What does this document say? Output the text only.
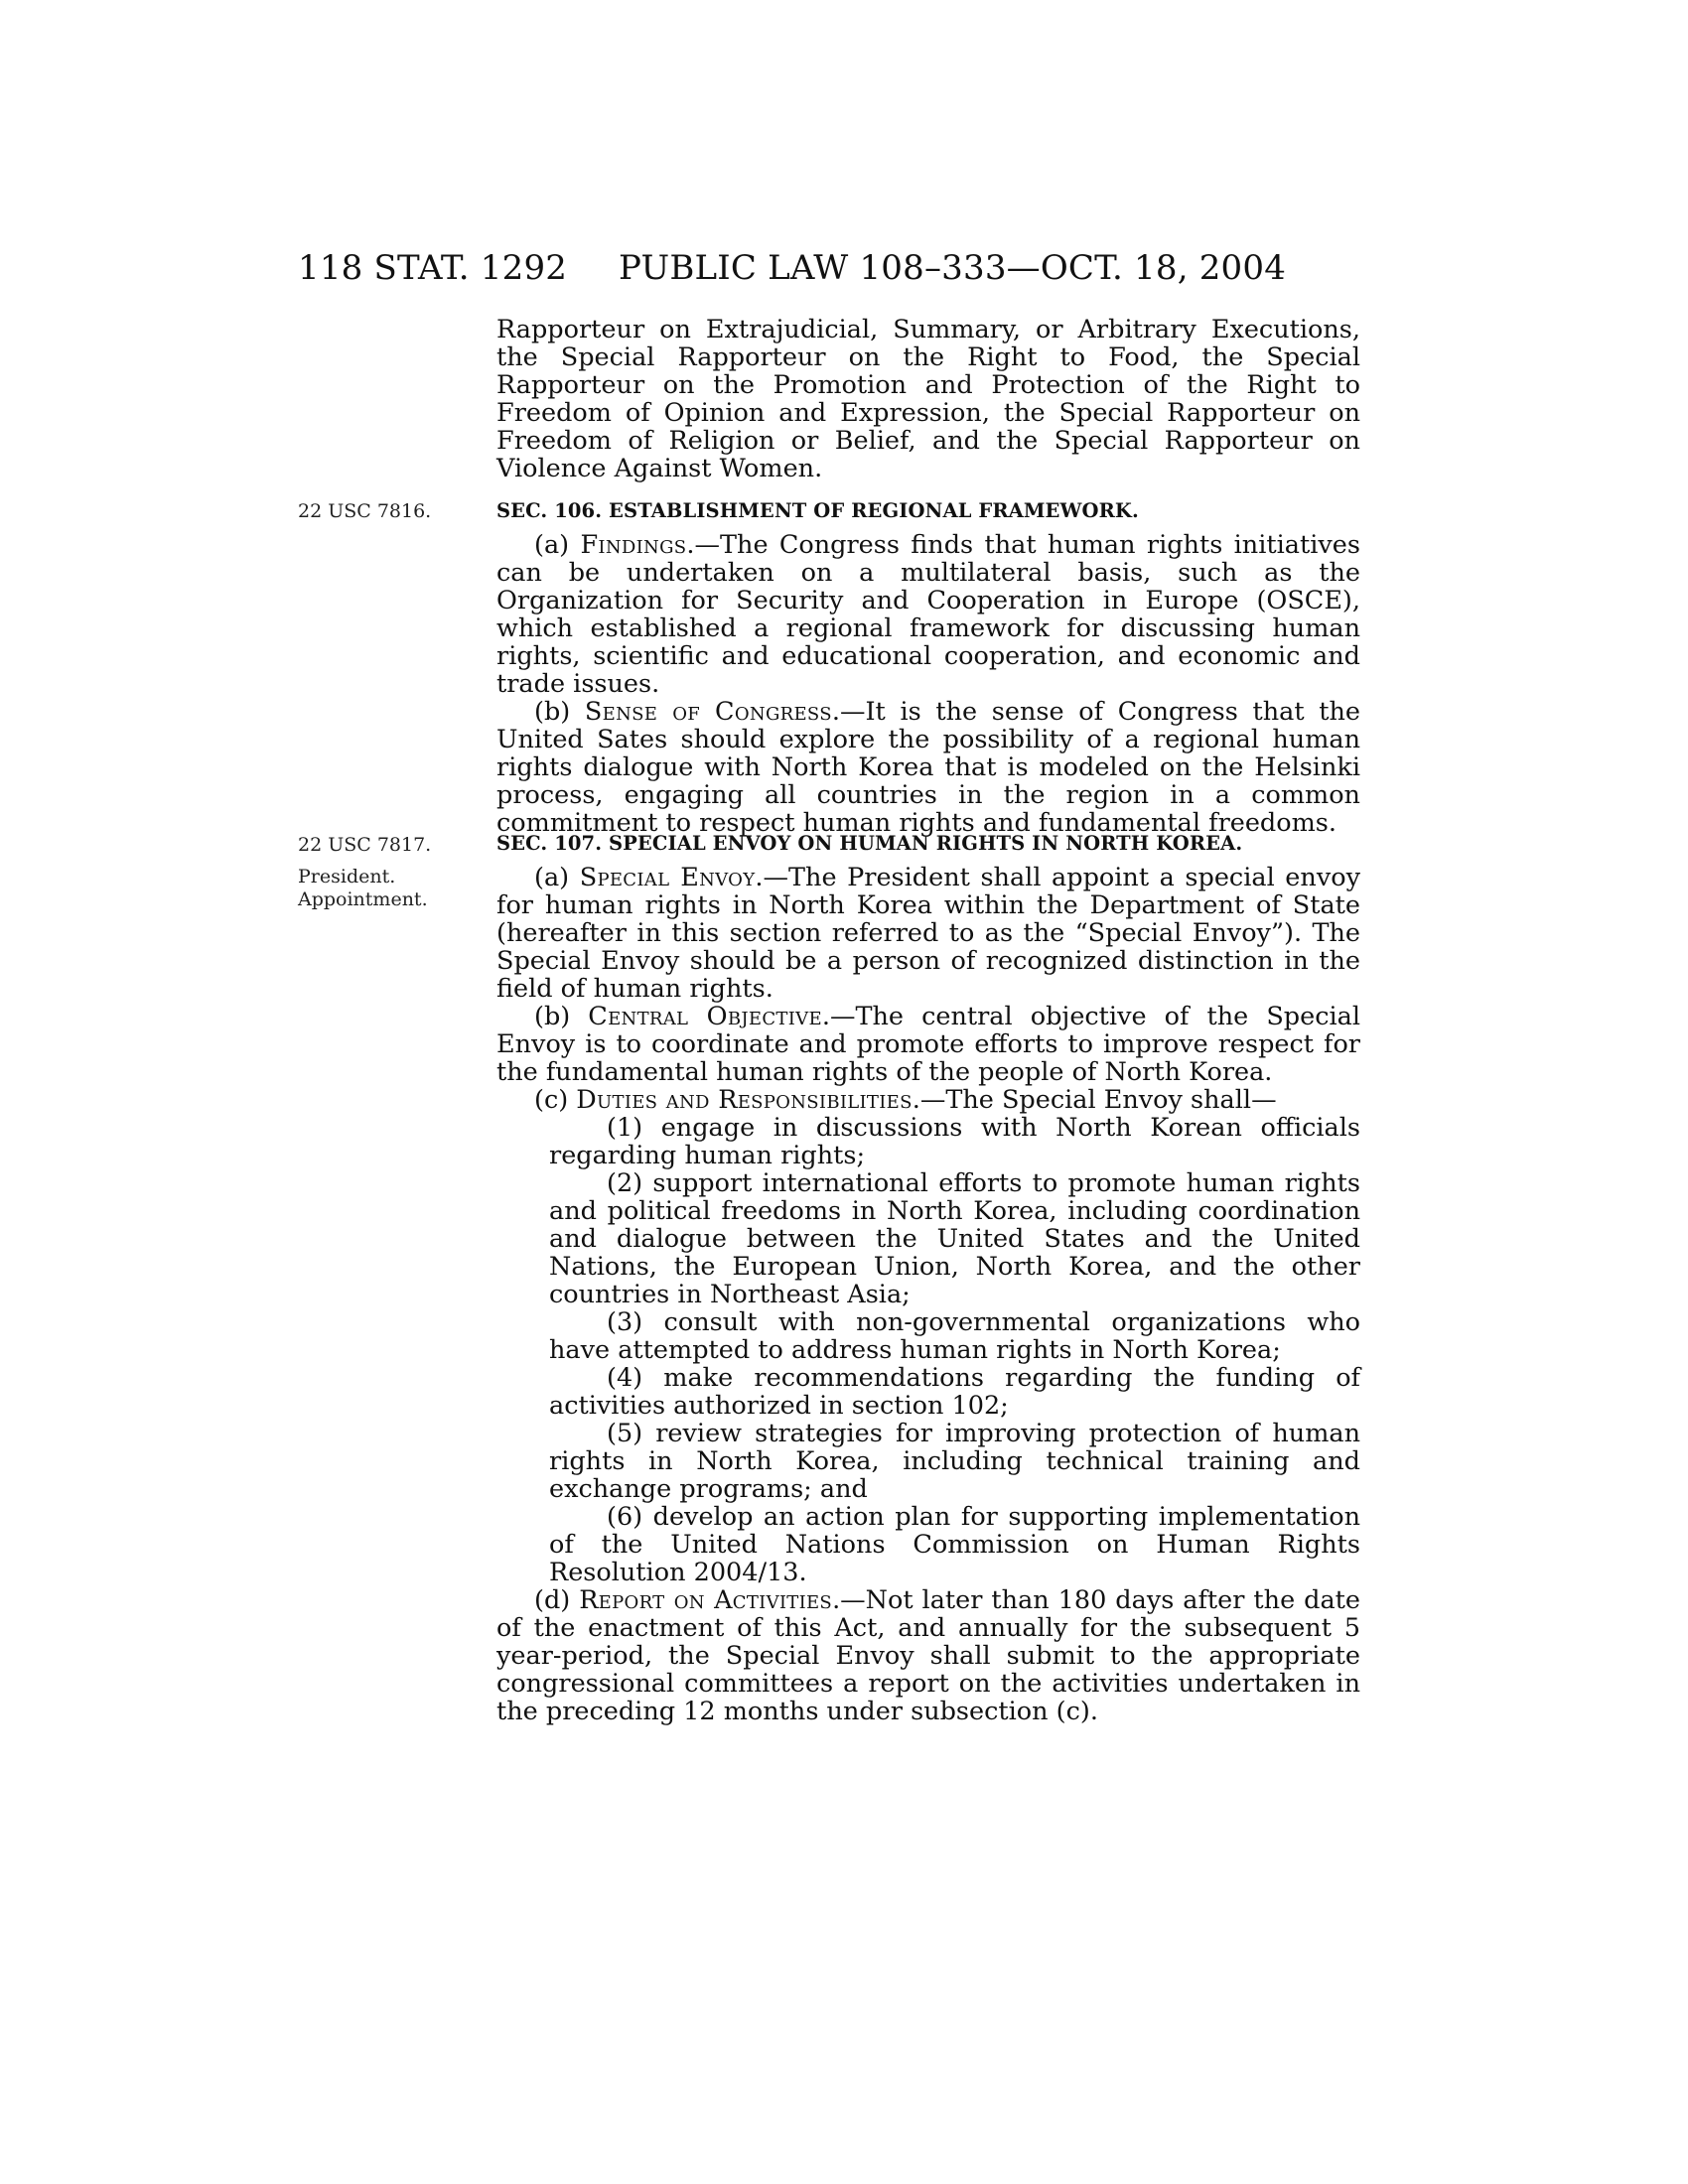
118 STAT. 1292 PUBLIC LAW 108–333—OCT. 18, 2004

Rapporteur on Extrajudicial, Summary, or Arbitrary Executions, the Special Rapporteur on the Right to Food, the Special Rapporteur on the Promotion and Protection of the Right to Freedom of Opinion and Expression, the Special Rapporteur on Freedom of Religion or Belief, and the Special Rapporteur on Violence Against Women.

22 USC 7816.	SEC. 106. ESTABLISHMENT OF REGIONAL FRAMEWORK.

(a) Findings.—The Congress finds that human rights initiatives can be undertaken on a multilateral basis, such as the Organization for Security and Cooperation in Europe (OSCE), which established a regional framework for discussing human rights, scientific and educational cooperation, and economic and trade issues.

(b) Sense of Congress.—It is the sense of Congress that the United Sates should explore the possibility of a regional human rights dialogue with North Korea that is modeled on the Helsinki process, engaging all countries in the region in a common commitment to respect human rights and fundamental freedoms.

22 USC 7817.	SEC. 107. SPECIAL ENVOY ON HUMAN RIGHTS IN NORTH KOREA.
President.
Appointment.

(a) Special Envoy.—The President shall appoint a special envoy for human rights in North Korea within the Department of State (hereafter in this section referred to as the “Special Envoy”). The Special Envoy should be a person of recognized distinction in the field of human rights.

(b) Central Objective.—The central objective of the Special Envoy is to coordinate and promote efforts to improve respect for the fundamental human rights of the people of North Korea.

(c) Duties and Responsibilities.—The Special Envoy shall—

(1) engage in discussions with North Korean officials regarding human rights;

(2) support international efforts to promote human rights and political freedoms in North Korea, including coordination and dialogue between the United States and the United Nations, the European Union, North Korea, and the other countries in Northeast Asia;

(3) consult with non-governmental organizations who have attempted to address human rights in North Korea;

(4) make recommendations regarding the funding of activities authorized in section 102;

(5) review strategies for improving protection of human rights in North Korea, including technical training and exchange programs; and

(6) develop an action plan for supporting implementation of the United Nations Commission on Human Rights Resolution 2004/13.

(d) Report on Activities.—Not later than 180 days after the date of the enactment of this Act, and annually for the subsequent 5 year-period, the Special Envoy shall submit to the appropriate congressional committees a report on the activities undertaken in the preceding 12 months under subsection (c).
